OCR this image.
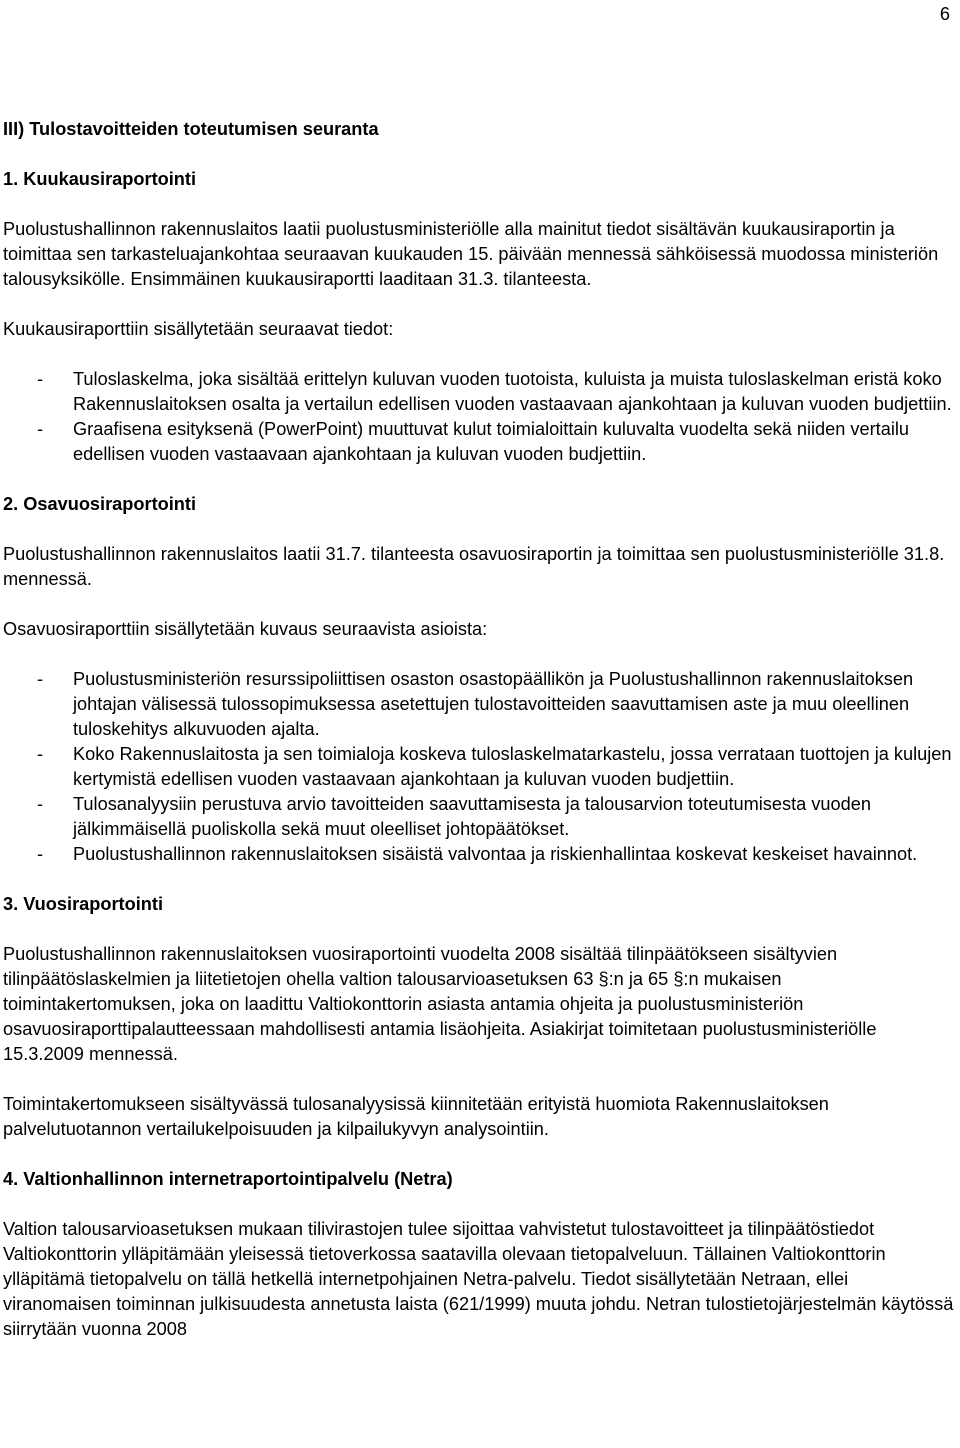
6

III) Tulostavoitteiden toteutumisen seuranta

1. Kuukausiraportointi

Puolustushallinnon rakennuslaitos laatii puolustusministeriölle alla mainitut tiedot sisältävän kuukausiraportin ja toimittaa sen tarkasteluajankohtaa seuraavan kuukauden 15. päivään mennessä sähköisessä muodossa ministeriön talousyksikölle. Ensimmäinen kuukausiraportti laaditaan 31.3. tilanteesta.

Kuukausiraporttiin sisällytetään seuraavat tiedot:

- Tuloslaskelma, joka sisältää erittelyn kuluvan vuoden tuotoista, kuluista ja muista tuloslaskelman eristä koko Rakennuslaitoksen osalta ja vertailun edellisen vuoden vastaavaan ajankohtaan ja kuluvan vuoden budjettiin.
- Graafisena esityksenä (PowerPoint) muuttuvat kulut toimialoittain kuluvalta vuodelta sekä niiden vertailu edellisen vuoden vastaavaan ajankohtaan ja kuluvan vuoden budjettiin.

2. Osavuosiraportointi

Puolustushallinnon rakennuslaitos laatii 31.7. tilanteesta osavuosiraportin ja toimittaa sen puolustusministeriölle 31.8. mennessä.

Osavuosiraporttiin sisällytetään kuvaus seuraavista asioista:

- Puolustusministeriön resurssipoliittisen osaston osastopäällikön ja Puolustushallinnon rakennuslaitoksen johtajan välisessä tulossopimuksessa asetettujen tulostavoitteiden saavuttamisen aste ja muu oleellinen tuloskehitys alkuvuoden ajalta.
- Koko Rakennuslaitosta ja sen toimialoja koskeva tuloslaskelmatarkastelu, jossa verrataan tuottojen ja kulujen kertymistä edellisen vuoden vastaavaan ajankohtaan ja kuluvan vuoden budjettiin.
- Tulosanalyysiin perustuva arvio tavoitteiden saavuttamisesta ja talousarvion toteutumisesta vuoden jälkimmäisellä puoliskolla sekä muut oleelliset johtopäätökset.
- Puolustushallinnon rakennuslaitoksen sisäistä valvontaa ja riskienhallintaa koskevat keskeiset havainnot.

3. Vuosiraportointi

Puolustushallinnon rakennuslaitoksen vuosiraportointi vuodelta 2008 sisältää tilinpäätökseen sisältyvien tilinpäätöslaskelmien ja liitetietojen ohella valtion talousarvioasetuksen 63 §:n ja 65 §:n mukaisen toimintakertomuksen, joka on laadittu Valtiokonttorin asiasta antamia ohjeita ja puolustusministeriön osavuosiraporttipalautteessaan mahdollisesti antamia lisäohjeita. Asiakirjat toimitetaan puolustusministeriölle 15.3.2009 mennessä.

Toimintakertomukseen sisältyvässä tulosanalyysissä kiinnitetään erityistä huomiota Rakennuslaitoksen palvelutuotannon vertailukelpoisuuden ja kilpailukyvyn analysointiin.

4. Valtionhallinnon internetraportointipalvelu (Netra)

Valtion talousarvioasetuksen mukaan tilivirastojen tulee sijoittaa vahvistetut tulostavoitteet ja tilinpäätöstiedot Valtiokonttorin ylläpitämään yleisessä tietoverkossa saatavilla olevaan tietopalveluun. Tällainen Valtiokonttorin ylläpitämä tietopalvelu on tällä hetkellä internetpohjainen Netra-palvelu. Tiedot sisällytetään Netraan, ellei viranomaisen toiminnan julkisuudesta annetusta laista (621/1999) muuta johdu. Netran tulostietojärjestelmän käytössä siirrytään vuonna 2008
